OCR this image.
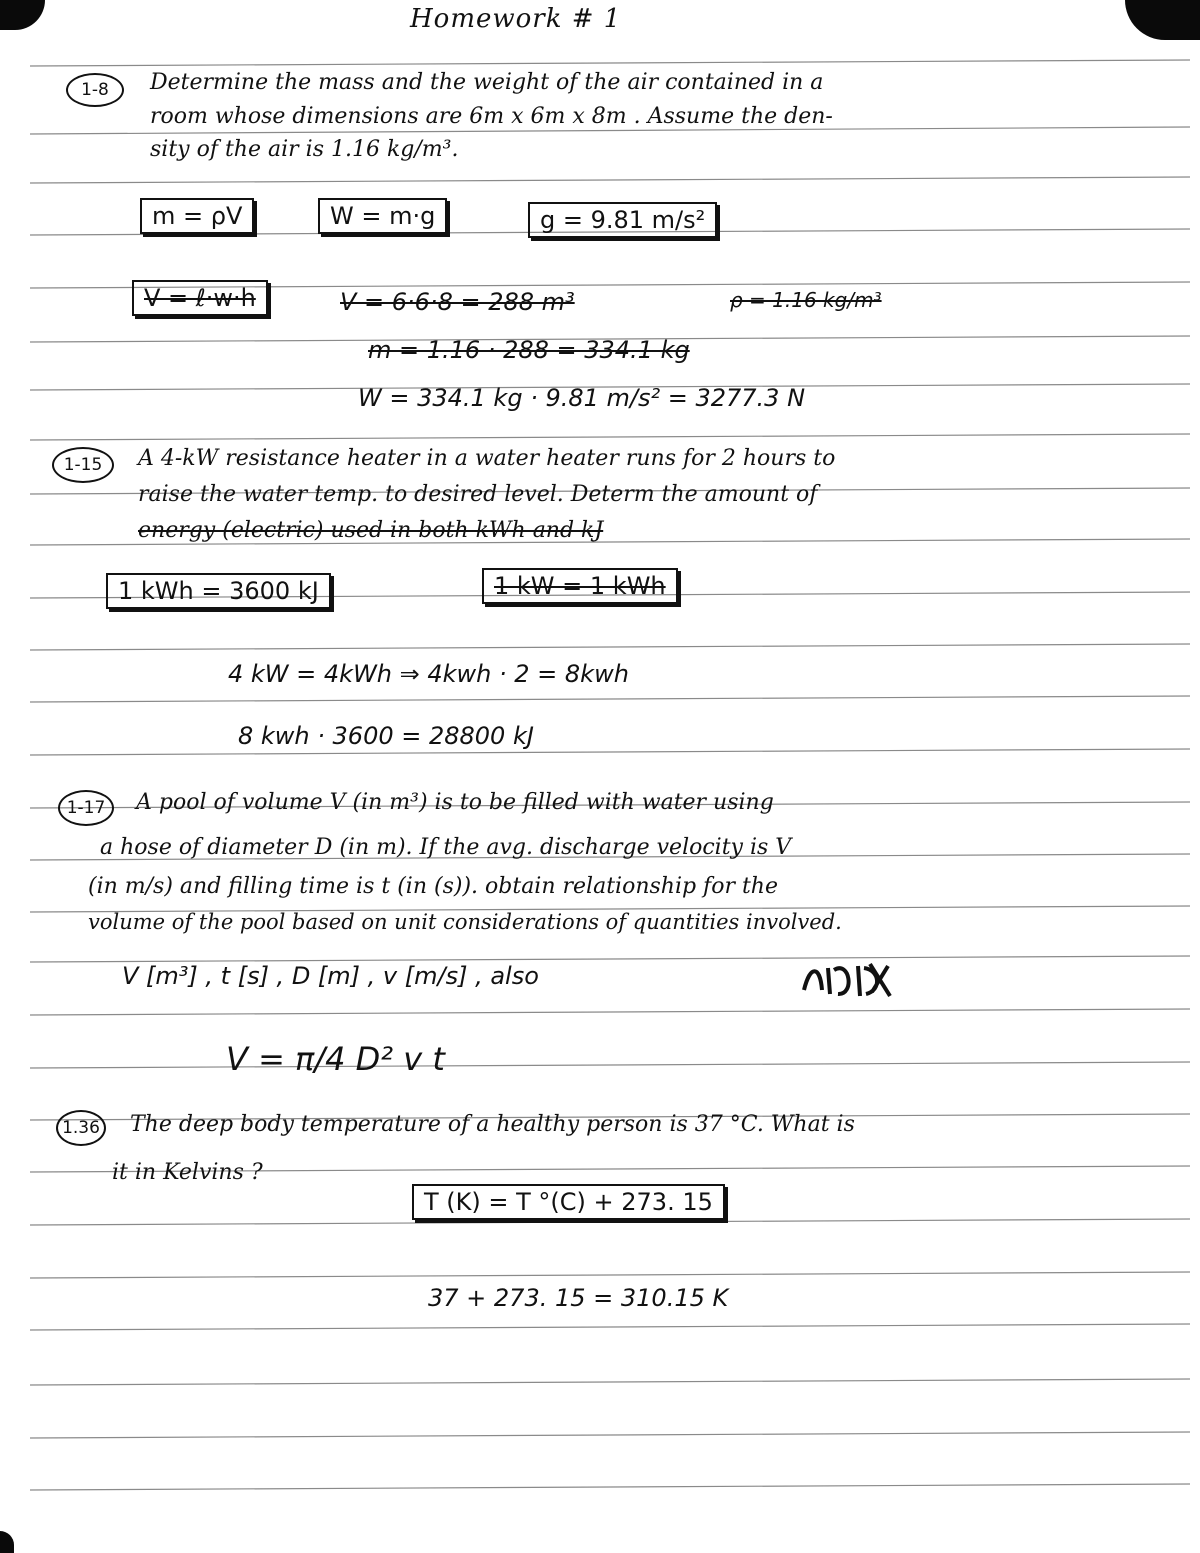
Homework # 1
1-8	Determine the mass and the weight of the air contained in a
room whose dimensions are 6m x 6m x 8m . Assume the den-
sity of the air is 1.16 kg/m³.
m = ρV	W = m·g	g = 9.81 m/s²
V = ℓ·w·h	V = 6·6·8 = 288 m³	ρ = 1.16 kg/m³
m = 1.16 · 288 = 334.1 kg
W = 334.1 kg · 9.81 m/s² = 3277.3 N
1-15	A 4-kW resistance heater in a water heater runs for 2 hours to
raise the water temp. to desired level. Determ the amount of
energy (electric) used in both kWh and kJ
1 kWh = 3600 kJ	1 kW = 1 kWh
4 kW = 4kWh ⇒ 4kwh · 2 = 8kwh
8 kwh · 3600 = 28800 kJ
1-17	A pool of volume V (in m³) is to be filled with water using
a hose of diameter D (in m). If the avg. discharge velocity is V
(in m/s) and filling time is t (in (s)). obtain relationship for the
volume of the pool based on unit considerations of quantities involved.
V [m³] , t [s] , D [m] , v [m/s] , also
V = π/4 D² v t
1.36 The deep body temperature of a healthy person is 37 °C. What is
it in Kelvins ?
T (K) = T °(C) + 273. 15
37 + 273. 15 = 310.15 K
